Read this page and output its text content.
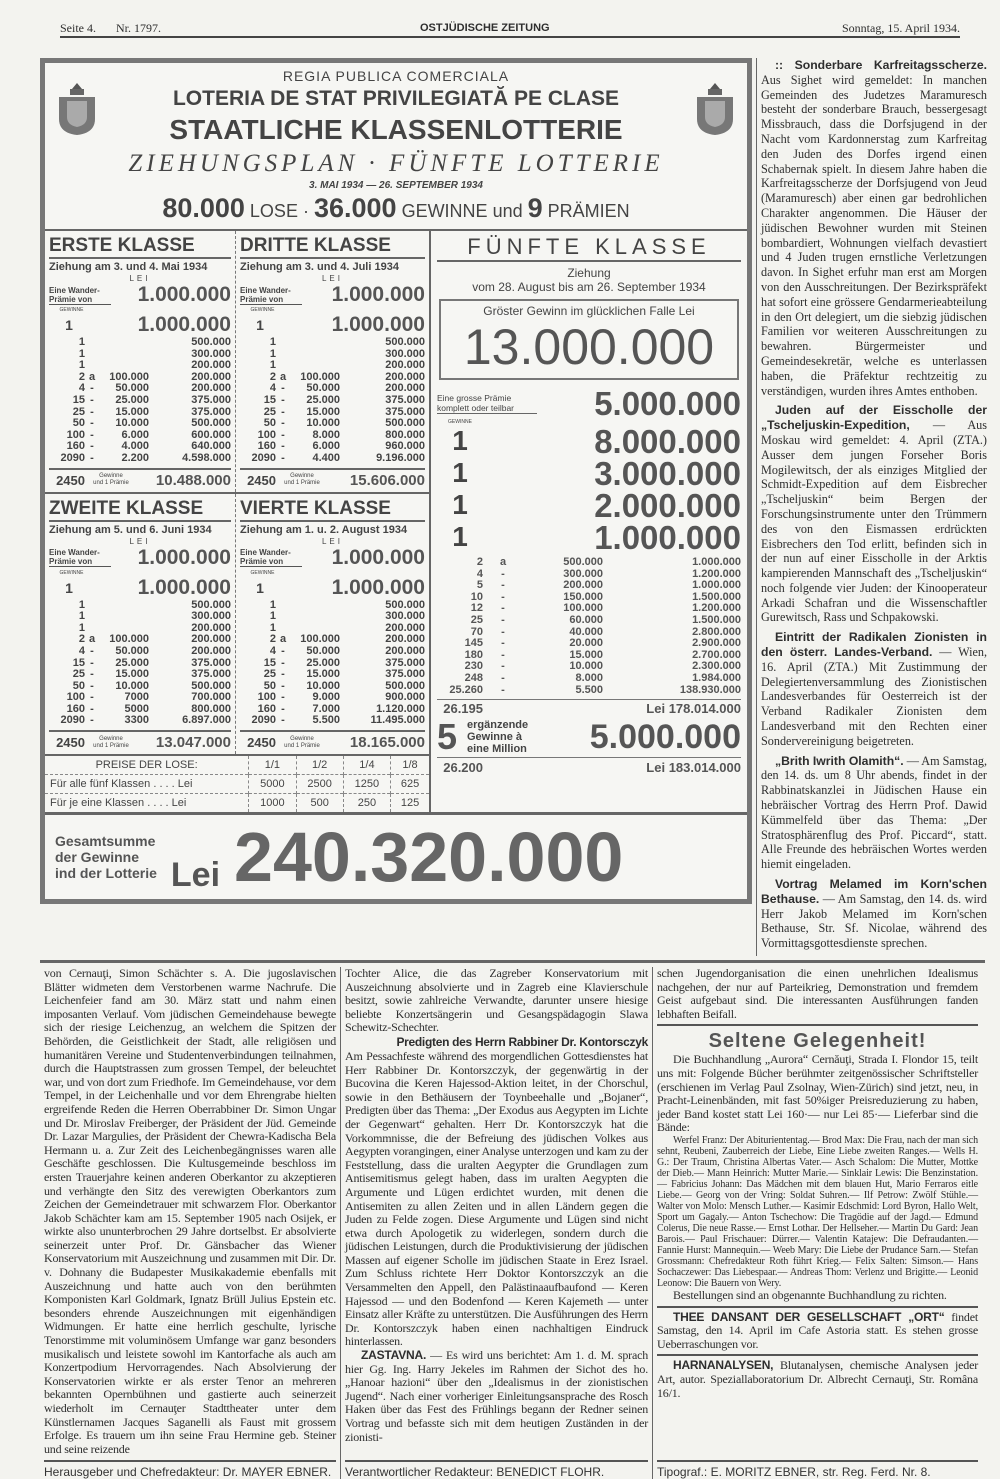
Seite 4. Nr. 1797.	OSTJÜDISCHE ZEITUNG	Sonntag, 15. April 1934.
REGIA PUBLICA COMERCIALA
LOTERIA DE STAT PRIVILEGIATĂ PE CLASE
STAATLICHE KLASSENLOTTERIE
ZIEHUNGSPLAN · FÜNFTE LOTTERIE
3. MAI 1934 — 26. SEPTEMBER 1934
80.000 LOSE · 36.000 GEWINNE und 9 PRÄMIEN
ERSTE KLASSE
Ziehung am 3. und 4. Mai 1934
LEI
Eine Wander-
Prämie von	1.000.000
GEWINNE
1	1.000.000
1	500.000
1	300.000
1	200.000
2 a	100.000	200.000
4 -	50.000	200.000
15 -	25.000	375.000
25 -	15.000	375.000
50 -	10.000	500.000
100 -	6.000	600.000
160 -	4.000	640.000
2090 -	2.200	4.598.000
2450	Gewinne
und 1 Prämie	10.488.000
DRITTE KLASSE
Ziehung am 3. und 4. Juli 1934
LEI
Eine Wander-
Prämie von	1.000.000
GEWINNE
1	1.000.000
1	500.000
1	300.000
1	200.000
2 a	100.000	200.000
4 -	50.000	200.000
15 -	25.000	375.000
25 -	15.000	375.000
50 -	10.000	500.000
100 -	8.000	800.000
160 -	6.000	960.000
2090 -	4.400	9.196.000
2450	Gewinne
und 1 Prämie	15.606.000
ZWEITE KLASSE
Ziehung am 5. und 6. Juni 1934
LEI
Eine Wander-
Prämie von	1.000.000
GEWINNE
1	1.000.000
1	500.000
1	300.000
1	200.000
2 a	100.000	200.000
4 -	50.000	200.000
15 -	25.000	375.000
25 -	15.000	375.000
50 -	10.000	500.000
100 -	7000	700.000
160 -	5000	800.000
2090 -	3300	6.897.000
2450	Gewinne
und 1 Prämie	13.047.000
VIERTE KLASSE
Ziehung am 1. u. 2. August 1934
LEI
Eine Wander-
Prämie von	1.000.000
GEWINNE
1	1.000.000
1	500.000
1	300.000
1	200.000
2 a	100.000	200.000
4 -	50.000	200.000
15 -	25.000	375.000
25 -	15.000	375.000
50 -	10.000	500.000
100 -	9.000	900.000
160 -	7.000	1.120.000
2090 -	5.500	11.495.000
2450	Gewinne
und 1 Prämie	18.165.000
PREISE DER LOSE:	1/1	1/2	1/4	1/8
Für alle fünf Klassen . . . . Lei	5000	2500	1250	625
Für je eine Klassen . . . . Lei	1000	500	250	125
FÜNFTE KLASSE
Ziehung
vom 28. August bis am 26. September 1934
Gröster Gewinn im glücklichen Falle Lei
13.000.000
Eine grosse Prämie
komplett oder teilbar	5.000.000
GEWINNE
1	8.000.000
1	3.000.000
1	2.000.000
1	1.000.000
2	a	500.000	1.000.000
4	-	300.000	1.200.000
5	-	200.000	1.000.000
10	-	150.000	1.500.000
12	-	100.000	1.200.000
25	-	60.000	1.500.000
70	-	40.000	2.800.000
145	-	20.000	2.900.000
180	-	15.000	2.700.000
230	-	10.000	2.300.000
248	-	8.000	1.984.000
25.260	-	5.500	138.930.000
26.195	Lei 178.014.000
5 ergänzende
Gewinne à
eine Million	5.000.000
26.200	Lei 183.014.000
Gesamtsumme
der Gewinne
ind der Lotterie Lei 240.320.000

:: Sonderbare Karfreitagsscherze. Aus Sighet wird gemeldet: In manchen Gemeinden des Judetzes Maramuresch besteht der sonderbare Brauch, bessergesagt Missbrauch, dass die Dorfsjugend in der Nacht vom Kardonnerstag zum Karfreitag den Juden des Dorfes irgend einen Schabernak spielt. In diesem Jahre haben die Karfreitagsscherze der Dorfsjugend von Jeud (Maramuresch) aber einen gar bedrohlichen Charakter angenommen. Die Häuser der jüdischen Bewohner wurden mit Steinen bombardiert, Wohnungen vielfach devastiert und 4 Juden trugen ernstliche Verletzungen davon. In Sighet erfuhr man erst am Morgen von den Ausschreitungen. Der Bezirkspräfekt hat sofort eine grössere Gendarmerieabteilung in den Ort delegiert, um die siebzig jüdischen Familien vor weiteren Ausschreitungen zu bewahren. Bürgermeister und Gemeindesekretär, welche es unterlassen haben, die Präfektur rechtzeitig zu verständigen, wurden ihres Amtes enthoben.

Juden auf der Eisscholle der „Tscheljuskin-Expedition, — Aus Moskau wird gemeldet: 4. April (ZTA.) Ausser dem jungen Forseher Boris Mogilewitsch, der als einziges Mitglied der Schmidt-Expedition auf dem Eisbrecher „Tscheljuskin“ beim Bergen der Forschungsinstrumente unter den Trümmern des von den Eismassen erdrückten Eisbrechers den Tod erlitt, befinden sich in der nun auf einer Eisscholle in der Arktis kampierenden Mannschaft des „Tscheljuskin“ noch folgende vier Juden: der Kinooperateur Arkadi Schafran und die Wissenschaftler Gurewitsch, Rass und Schpakowski.

Eintritt der Radikalen Zionisten in den österr. Landes-Verband. — Wien, 16. April (ZTA.) Mit Zustimmung der Delegiertenversammlung des Zionistischen Landesverbandes für Oesterreich ist der Verband Radikaler Zionisten dem Landesverband mit den Rechten einer Sondervereinigung beigetreten.

„Brith Iwrith Olamith“. — Am Samstag, den 14. ds. um 8 Uhr abends, findet in der Rabbinatskanzlei in Jüdischen Hause ein hebräischer Vortrag des Herrn Prof. Dawid Kümmelfeld über das Thema: „Der Stratosphärenflug des Prof. Piccard“, statt. Alle Freunde des hebräischen Wortes werden hiemit eingeladen.

Vortrag Melamed im Korn'schen Bethause. — Am Samstag, den 14. ds. wird Herr Jakob Melamed im Korn'schen Bethause, Str. Sf. Nicolae, während des Vormittagsgottesdienste sprechen.

von Cernauţi, Simon Schächter s. A. Die jugoslavischen Blätter widmeten dem Verstorbenen warme Nachrufe. Die Leichenfeier fand am 30. März statt und nahm einen imposanten Verlauf. Vom jüdischen Gemeindehause bewegte sich der riesige Leichenzug, an welchem die Spitzen der Behörden, die Geistlichkeit der Stadt, alle religiösen und humanitären Vereine und Studentenverbindungen teilnahmen, durch die Hauptstrassen zum grossen Tempel, der beleuchtet war, und von dort zum Friedhofe. Im Gemeindehause, vor dem Tempel, in der Leichenhalle und vor dem Ehrengrabe hielten ergreifende Reden die Herren Oberrabbiner Dr. Simon Ungar und Dr. Miroslav Freiberger, der Präsident der Jüd. Gemeinde Dr. Lazar Margulies, der Präsident der Chewra-Kadischa Bela Hermann u. a. Zur Zeit des Leichenbegängnisses waren alle Geschäfte geschlossen. Die Kultusgemeinde beschloss im ersten Trauerjahre keinen anderen Oberkantor zu akzeptieren und verhängte den Sitz des verewigten Oberkantors zum Zeichen der Gemeindetrauer mit schwarzem Flor. Oberkantor Jakob Schächter kam am 15. September 1905 nach Osijek, er wirkte also ununterbrochen 29 Jahre dortselbst. Er absolvierte seinerzeit unter Prof. Dr. Gänsbacher das Wiener Konservatorium mit Auszeichnung und zusammen mit Dir. Dr. v. Dohnany die Budapester Musikakademie ebenfalls mit Auszeichnung und hatte auch von den berühmten Komponisten Karl Goldmark, Ignatz Brüll Julius Epstein etc. besonders ehrende Auszeichnungen mit eigenhändigen Widmungen. Er hatte eine herrlich geschulte, lyrische Tenorstimme mit voluminösem Umfange war ganz besonders musikalisch und leistete sowohl im Kantorfache als auch am Konzertpodium Hervorragendes. Nach Absolvierung der Konservatorien wirkte er als erster Tenor an mehreren bekannten Opernbühnen und gastierte auch seinerzeit wiederholt im Cernauţer Stadttheater unter dem Künstlernamen Jacques Saganelli als Faust mit grossem Erfolge. Es trauern um ihn seine Frau Hermine geb. Steiner und seine reizende

Herausgeber und Chefredakteur: Dr. MAYER EBNER.

Tochter Alice, die das Zagreber Konservatorium mit Auszeichnung absolvierte und in Zagreb eine Klavierschule besitzt, sowie zahlreiche Verwandte, darunter unsere hiesige beliebte Konzertsängerin und Gesangspädagogin Slawa Schewitz-Schechter.

Predigten des Herrn Rabbiner Dr. Kontorsczyk

Am Pessachfeste während des morgendlichen Gottesdienstes hat Herr Rabbiner Dr. Kontorszczyk, der gegenwärtig in der Bucovina die Keren Hajessod-Aktion leitet, in der Chorschul, sowie in den Bethäusern der Toynbeehalle und „Bojaner“, Predigten über das Thema: „Der Exodus aus Aegypten im Lichte der Gegenwart“ gehalten. Herr Dr. Kontorszczyk hat die Vorkommnisse, die der Befreiung des jüdischen Volkes aus Aegypten vorangingen, einer Analyse unterzogen und kam zu der Feststellung, dass die uralten Aegypter die Grundlagen zum Antisemitismus gelegt haben, dass im uralten Aegypten die Argumente und Lügen erdichtet wurden, mit denen die Antisemiten zu allen Zeiten und in allen Ländern gegen die Juden zu Felde zogen. Diese Argumente und Lügen sind nicht etwa durch Apologetik zu widerlegen, sondern durch die jüdischen Leistungen, durch die Produktivisierung der jüdischen Massen auf eigener Scholle im jüdischen Staate in Erez Israel. Zum Schluss richtete Herr Doktor Kontorszczyk an die Versammelten den Appell, den Palästinaaufbaufond — Keren Hajessod — und den Bodenfond — Keren Kajemeth — unter Einsatz aller Kräfte zu unterstützen. Die Ausführungen des Herrn Dr. Kontorszczyk haben einen nachhaltigen Eindruck hinterlassen.

ZASTAVNA. — Es wird uns berichtet: Am 1. d. M. sprach hier Gg. Ing. Harry Jekeles im Rahmen der Sichot des ho. „Hanoar hazioni“ über den „Idealismus in der zionistischen Jugend“. Nach einer vorheriger Einleitungsansprache des Rosch Haken über das Fest des Frühlings begann der Redner seinen Vortrag und befasste sich mit dem heutigen Zuständen in der zionisti-

Verantwortlicher Redakteur: BENEDICT FLOHR.

schen Jugendorganisation die einen unehrlichen Idealismus nachgehen, der nur auf Parteikrieg, Demonstration und fremdem Geist aufgebaut sind. Die interessanten Ausführungen fanden lebhaften Beifall.

Seltene Gelegenheit!

Die Buchhandlung „Aurora“ Cernăuţi, Strada I. Flondor 15, teilt uns mit: Folgende Bücher berühmter zeitgenössischer Schriftsteller (erschienen im Verlag Paul Zsolnay, Wien-Zürich) sind jetzt, neu, in Pracht-Leinenbänden, mit fast 50%iger Preisreduzierung zu haben, jeder Band kostet statt Lei 160·— nur Lei 85·— Lieferbar sind die Bände:

Werfel Franz: Der Abituriententag.— Brod Max: Die Frau, nach der man sich sehnt, Reubeni, Zauberreich der Liebe, Eine Liebe zweiten Ranges.— Wells H. G.: Der Traum, Christina Albertas Vater.— Asch Schalom: Die Mutter, Mottke der Dieb.— Mann Heinrich: Mutter Marie.— Sinklair Lewis: Die Benzinstation.— Fabricius Johann: Das Mädchen mit dem blauen Hut, Mario Ferraros eitle Liebe.— Georg von der Vring: Soldat Suhren.— Ilf Petrow: Zwölf Stühle.— Walter von Molo: Mensch Luther.— Kasimir Edschmid: Lord Byron, Hallo Welt, Sport um Gagaly.— Anton Tschechow: Die Tragödie auf der Jagd.— Edmund Colerus, Die neue Rasse.— Ernst Lothar. Der Hellseher.— Martin Du Gard: Jean Barois.— Paul Frischauer: Dürrer.— Valentin Katajew: Die Defraudanten.— Fannie Hurst: Mannequin.— Weeb Mary: Die Liebe der Prudance Sarn.— Stefan Grossmann: Chefredakteur Roth führt Krieg.— Felix Salten: Simson.— Hans Sochaczewer: Das Liebespaar.— Andreas Thom: Verlenz und Brigitte.— Leonid Leonow: Die Bauern von Wery.

Bestellungen sind an obgenannte Buchhandlung zu richten.

THEE DANSANT DER GESELLSCHAFT „ORT“ findet Samstag, den 14. April im Cafe Astoria statt. Es stehen grosse Ueberraschungen vor.

HARNANALYSEN, Blutanalysen, chemische Analysen jeder Art, autor. Speziallaboratorium Dr. Albrecht Cernauţi, Str. Româna 16/1.

Tipograf.: E. MORITZ EBNER, str. Reg. Ferd. Nr. 8.
